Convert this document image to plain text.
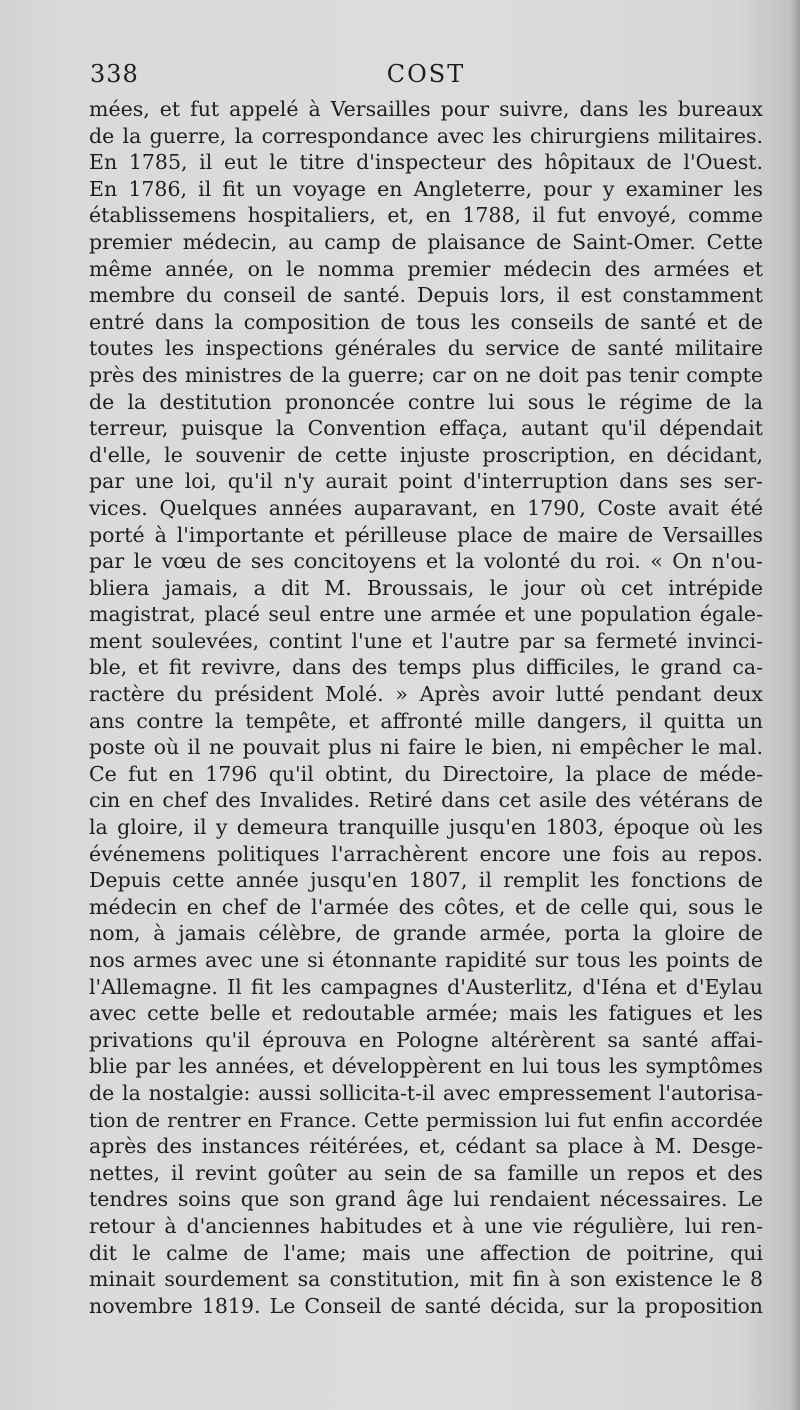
338	COST
mées, et fut appelé à Versailles pour suivre, dans les bureaux
de la guerre, la correspondance avec les chirurgiens militaires.
En 1785, il eut le titre d'inspecteur des hôpitaux de l'Ouest.
En 1786, il fit un voyage en Angleterre, pour y examiner les
établissemens hospitaliers, et, en 1788, il fut envoyé, comme
premier médecin, au camp de plaisance de Saint-Omer. Cette
même année, on le nomma premier médecin des armées et
membre du conseil de santé. Depuis lors, il est constamment
entré dans la composition de tous les conseils de santé et de
toutes les inspections générales du service de santé militaire
près des ministres de la guerre; car on ne doit pas tenir compte
de la destitution prononcée contre lui sous le régime de la
terreur, puisque la Convention effaça, autant qu'il dépendait
d'elle, le souvenir de cette injuste proscription, en décidant,
par une loi, qu'il n'y aurait point d'interruption dans ses ser-
vices. Quelques années auparavant, en 1790, Coste avait été
porté à l'importante et périlleuse place de maire de Versailles
par le vœu de ses concitoyens et la volonté du roi. « On n'ou-
bliera jamais, a dit M. Broussais, le jour où cet intrépide
magistrat, placé seul entre une armée et une population égale-
ment soulevées, contint l'une et l'autre par sa fermeté invinci-
ble, et fit revivre, dans des temps plus difficiles, le grand ca-
ractère du président Molé. » Après avoir lutté pendant deux
ans contre la tempête, et affronté mille dangers, il quitta un
poste où il ne pouvait plus ni faire le bien, ni empêcher le mal.
Ce fut en 1796 qu'il obtint, du Directoire, la place de méde-
cin en chef des Invalides. Retiré dans cet asile des vétérans de
la gloire, il y demeura tranquille jusqu'en 1803, époque où les
événemens politiques l'arrachèrent encore une fois au repos.
Depuis cette année jusqu'en 1807, il remplit les fonctions de
médecin en chef de l'armée des côtes, et de celle qui, sous le
nom, à jamais célèbre, de grande armée, porta la gloire de
nos armes avec une si étonnante rapidité sur tous les points de
l'Allemagne. Il fit les campagnes d'Austerlitz, d'Iéna et d'Eylau
avec cette belle et redoutable armée; mais les fatigues et les
privations qu'il éprouva en Pologne altérèrent sa santé affai-
blie par les années, et développèrent en lui tous les symptômes
de la nostalgie: aussi sollicita-t-il avec empressement l'autorisa-
tion de rentrer en France. Cette permission lui fut enfin accordée
après des instances réitérées, et, cédant sa place à M. Desge-
nettes, il revint goûter au sein de sa famille un repos et des
tendres soins que son grand âge lui rendaient nécessaires. Le
retour à d'anciennes habitudes et à une vie régulière, lui ren-
dit le calme de l'ame; mais une affection de poitrine, qui
minait sourdement sa constitution, mit fin à son existence le 8
novembre 1819. Le Conseil de santé décida, sur la proposition
